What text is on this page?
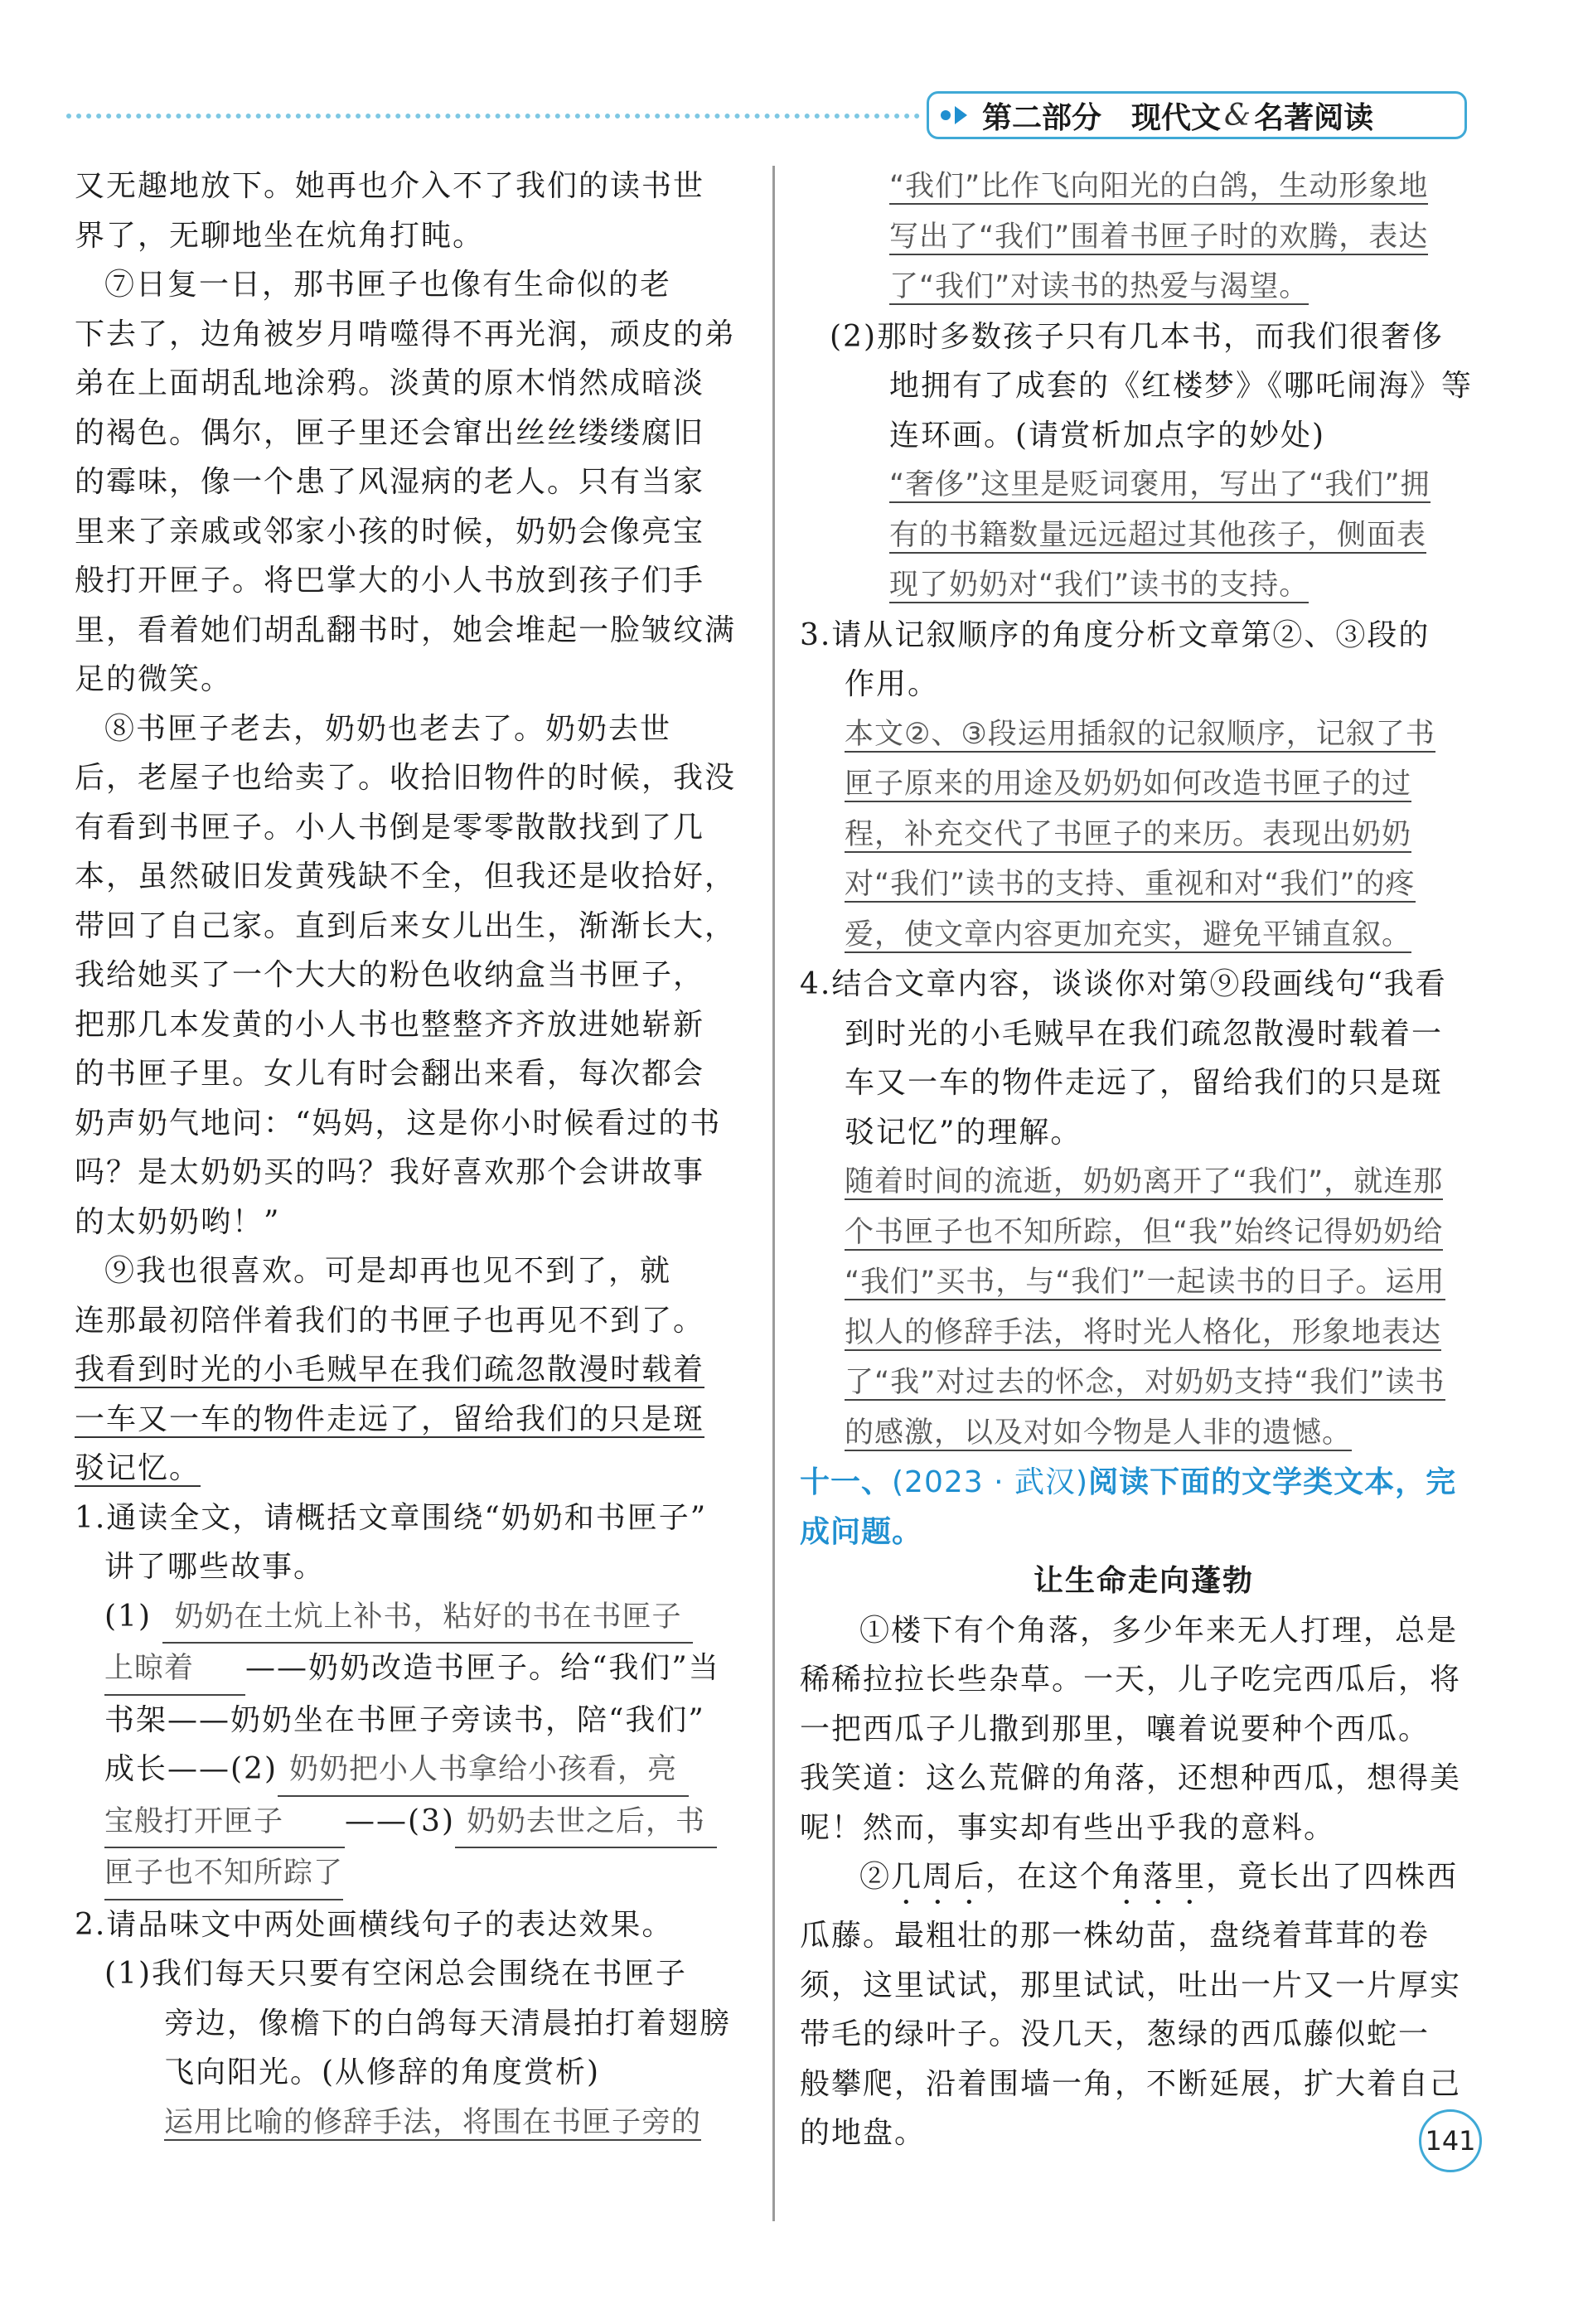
第二部分 现代文 & 名著阅读
又无趣地放下。她再也介入不了我们的读书世
界了，无聊地坐在炕角打盹。
⑦日复一日，那书匣子也像有生命似的老
下去了，边角被岁月啃噬得不再光润，顽皮的弟
弟在上面胡乱地涂鸦。淡黄的原木悄然成暗淡
的褐色。偶尔，匣子里还会窜出丝丝缕缕腐旧
的霉味，像一个患了风湿病的老人。只有当家
里来了亲戚或邻家小孩的时候，奶奶会像亮宝
般打开匣子。将巴掌大的小人书放到孩子们手
里，看着她们胡乱翻书时，她会堆起一脸皱纹满
足的微笑。
⑧书匣子老去，奶奶也老去了。奶奶去世
后，老屋子也给卖了。收拾旧物件的时候，我没
有看到书匣子。小人书倒是零零散散找到了几
本，虽然破旧发黄残缺不全，但我还是收拾好，
带回了自己家。直到后来女儿出生，渐渐长大，
我给她买了一个大大的粉色收纳盒当书匣子，
把那几本发黄的小人书也整整齐齐放进她崭新
的书匣子里。女儿有时会翻出来看，每次都会
奶声奶气地问：“妈妈，这是你小时候看过的书
吗？是太奶奶买的吗？我好喜欢那个会讲故事
的太奶奶哟！”
⑨我也很喜欢。可是却再也见不到了，就
连那最初陪伴着我们的书匣子也再见不到了。
我看到时光的小毛贼早在我们疏忽散漫时载着
一车又一车的物件走远了，留给我们的只是斑
驳记忆。
1.通读全文，请概括文章围绕“奶奶和书匣子”
讲了哪些故事。
(1) 奶奶在土炕上补书，粘好的书在书匣子
上晾着 ——奶奶改造书匣子。给“我们”当
书架——奶奶坐在书匣子旁读书，陪“我们”
成长——(2) 奶奶把小人书拿给小孩看，亮
宝般打开匣子 ——(3) 奶奶去世之后，书
匣子也不知所踪了
2.请品味文中两处画横线句子的表达效果。
(1)我们每天只要有空闲总会围绕在书匣子
旁边，像檐下的白鸽每天清晨拍打着翅膀
飞向阳光。(从修辞的角度赏析)
运用比喻的修辞手法，将围在书匣子旁的
“我们”比作飞向阳光的白鸽，生动形象地
写出了“我们”围着书匣子时的欢腾，表达
了“我们”对读书的热爱与渴望。
(2)那时多数孩子只有几本书，而我们很奢侈
地拥有了成套的《红楼梦》《哪吒闹海》等
连环画。(请赏析加点字的妙处)
“奢侈”这里是贬词褒用，写出了“我们”拥
有的书籍数量远远超过其他孩子，侧面表
现了奶奶对“我们”读书的支持。
3.请从记叙顺序的角度分析文章第②、③段的
作用。
本文②、③段运用插叙的记叙顺序，记叙了书
匣子原来的用途及奶奶如何改造书匣子的过
程，补充交代了书匣子的来历。表现出奶奶
对“我们”读书的支持、重视和对“我们”的疼
爱，使文章内容更加充实，避免平铺直叙。
4.结合文章内容，谈谈你对第⑨段画线句“我看
到时光的小毛贼早在我们疏忽散漫时载着一
车又一车的物件走远了，留给我们的只是斑
驳记忆”的理解。
随着时间的流逝，奶奶离开了“我们”，就连那
个书匣子也不知所踪，但“我”始终记得奶奶给
“我们”买书，与“我们”一起读书的日子。运用
拟人的修辞手法，将时光人格化，形象地表达
了“我”对过去的怀念，对奶奶支持“我们”读书
的感激，以及对如今物是人非的遗憾。
十一、(2023 · 武汉)阅读下面的文学类文本，完
成问题。
让生命走向蓬勃
①楼下有个角落，多少年来无人打理，总是
稀稀拉拉长些杂草。一天，儿子吃完西瓜后，将
一把西瓜子儿撒到那里，嚷着说要种个西瓜。
我笑道：这么荒僻的角落，还想种西瓜，想得美
呢！然而，事实却有些出乎我的意料。
②几周后，在这个角落里，竟长出了四株西
瓜藤。最粗壮的那一株幼苗，盘绕着茸茸的卷
须，这里试试，那里试试，吐出一片又一片厚实
带毛的绿叶子。没几天，葱绿的西瓜藤似蛇一
般攀爬，沿着围墙一角，不断延展，扩大着自己
的地盘。	141
